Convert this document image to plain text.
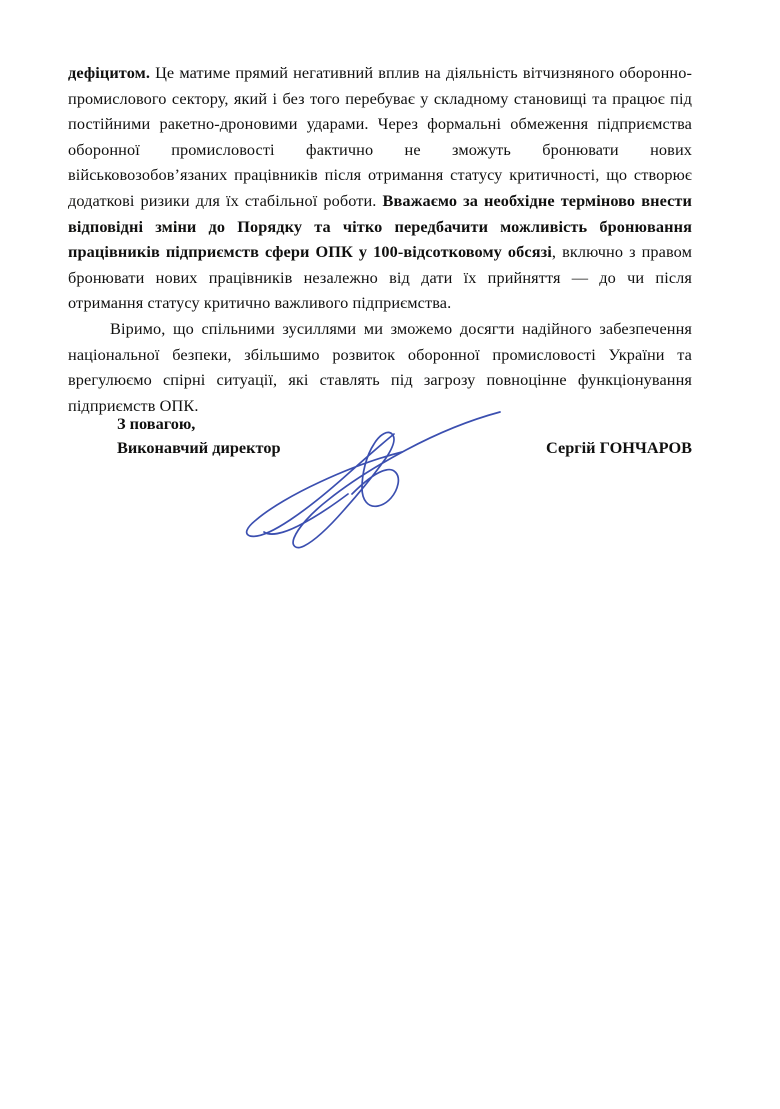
дефіцитом. Це матиме прямий негативний вплив на діяльність вітчизняного оборонно-промислового сектору, який і без того перебуває у складному становищі та працює під постійними ракетно-дроновими ударами. Через формальні обмеження підприємства оборонної промисловості фактично не зможуть бронювати нових військовозобов’язаних працівників після отримання статусу критичності, що створює додаткові ризики для їх стабільної роботи. Вважаємо за необхідне терміново внести відповідні зміни до Порядку та чітко передбачити можливість бронювання працівників підприємств сфери ОПК у 100-відсотковому обсязі, включно з правом бронювати нових працівників незалежно від дати їх прийняття — до чи після отримання статусу критично важливого підприємства.

Віримо, що спільними зусиллями ми зможемо досягти надійного забезпечення національної безпеки, збільшимо розвиток оборонної промисловості України та врегулюємо спірні ситуації, які ставлять під загрозу повноцінне функціонування підприємств ОПК.

З повагою,
Виконавчий директор	Сергій ГОНЧАРОВ
